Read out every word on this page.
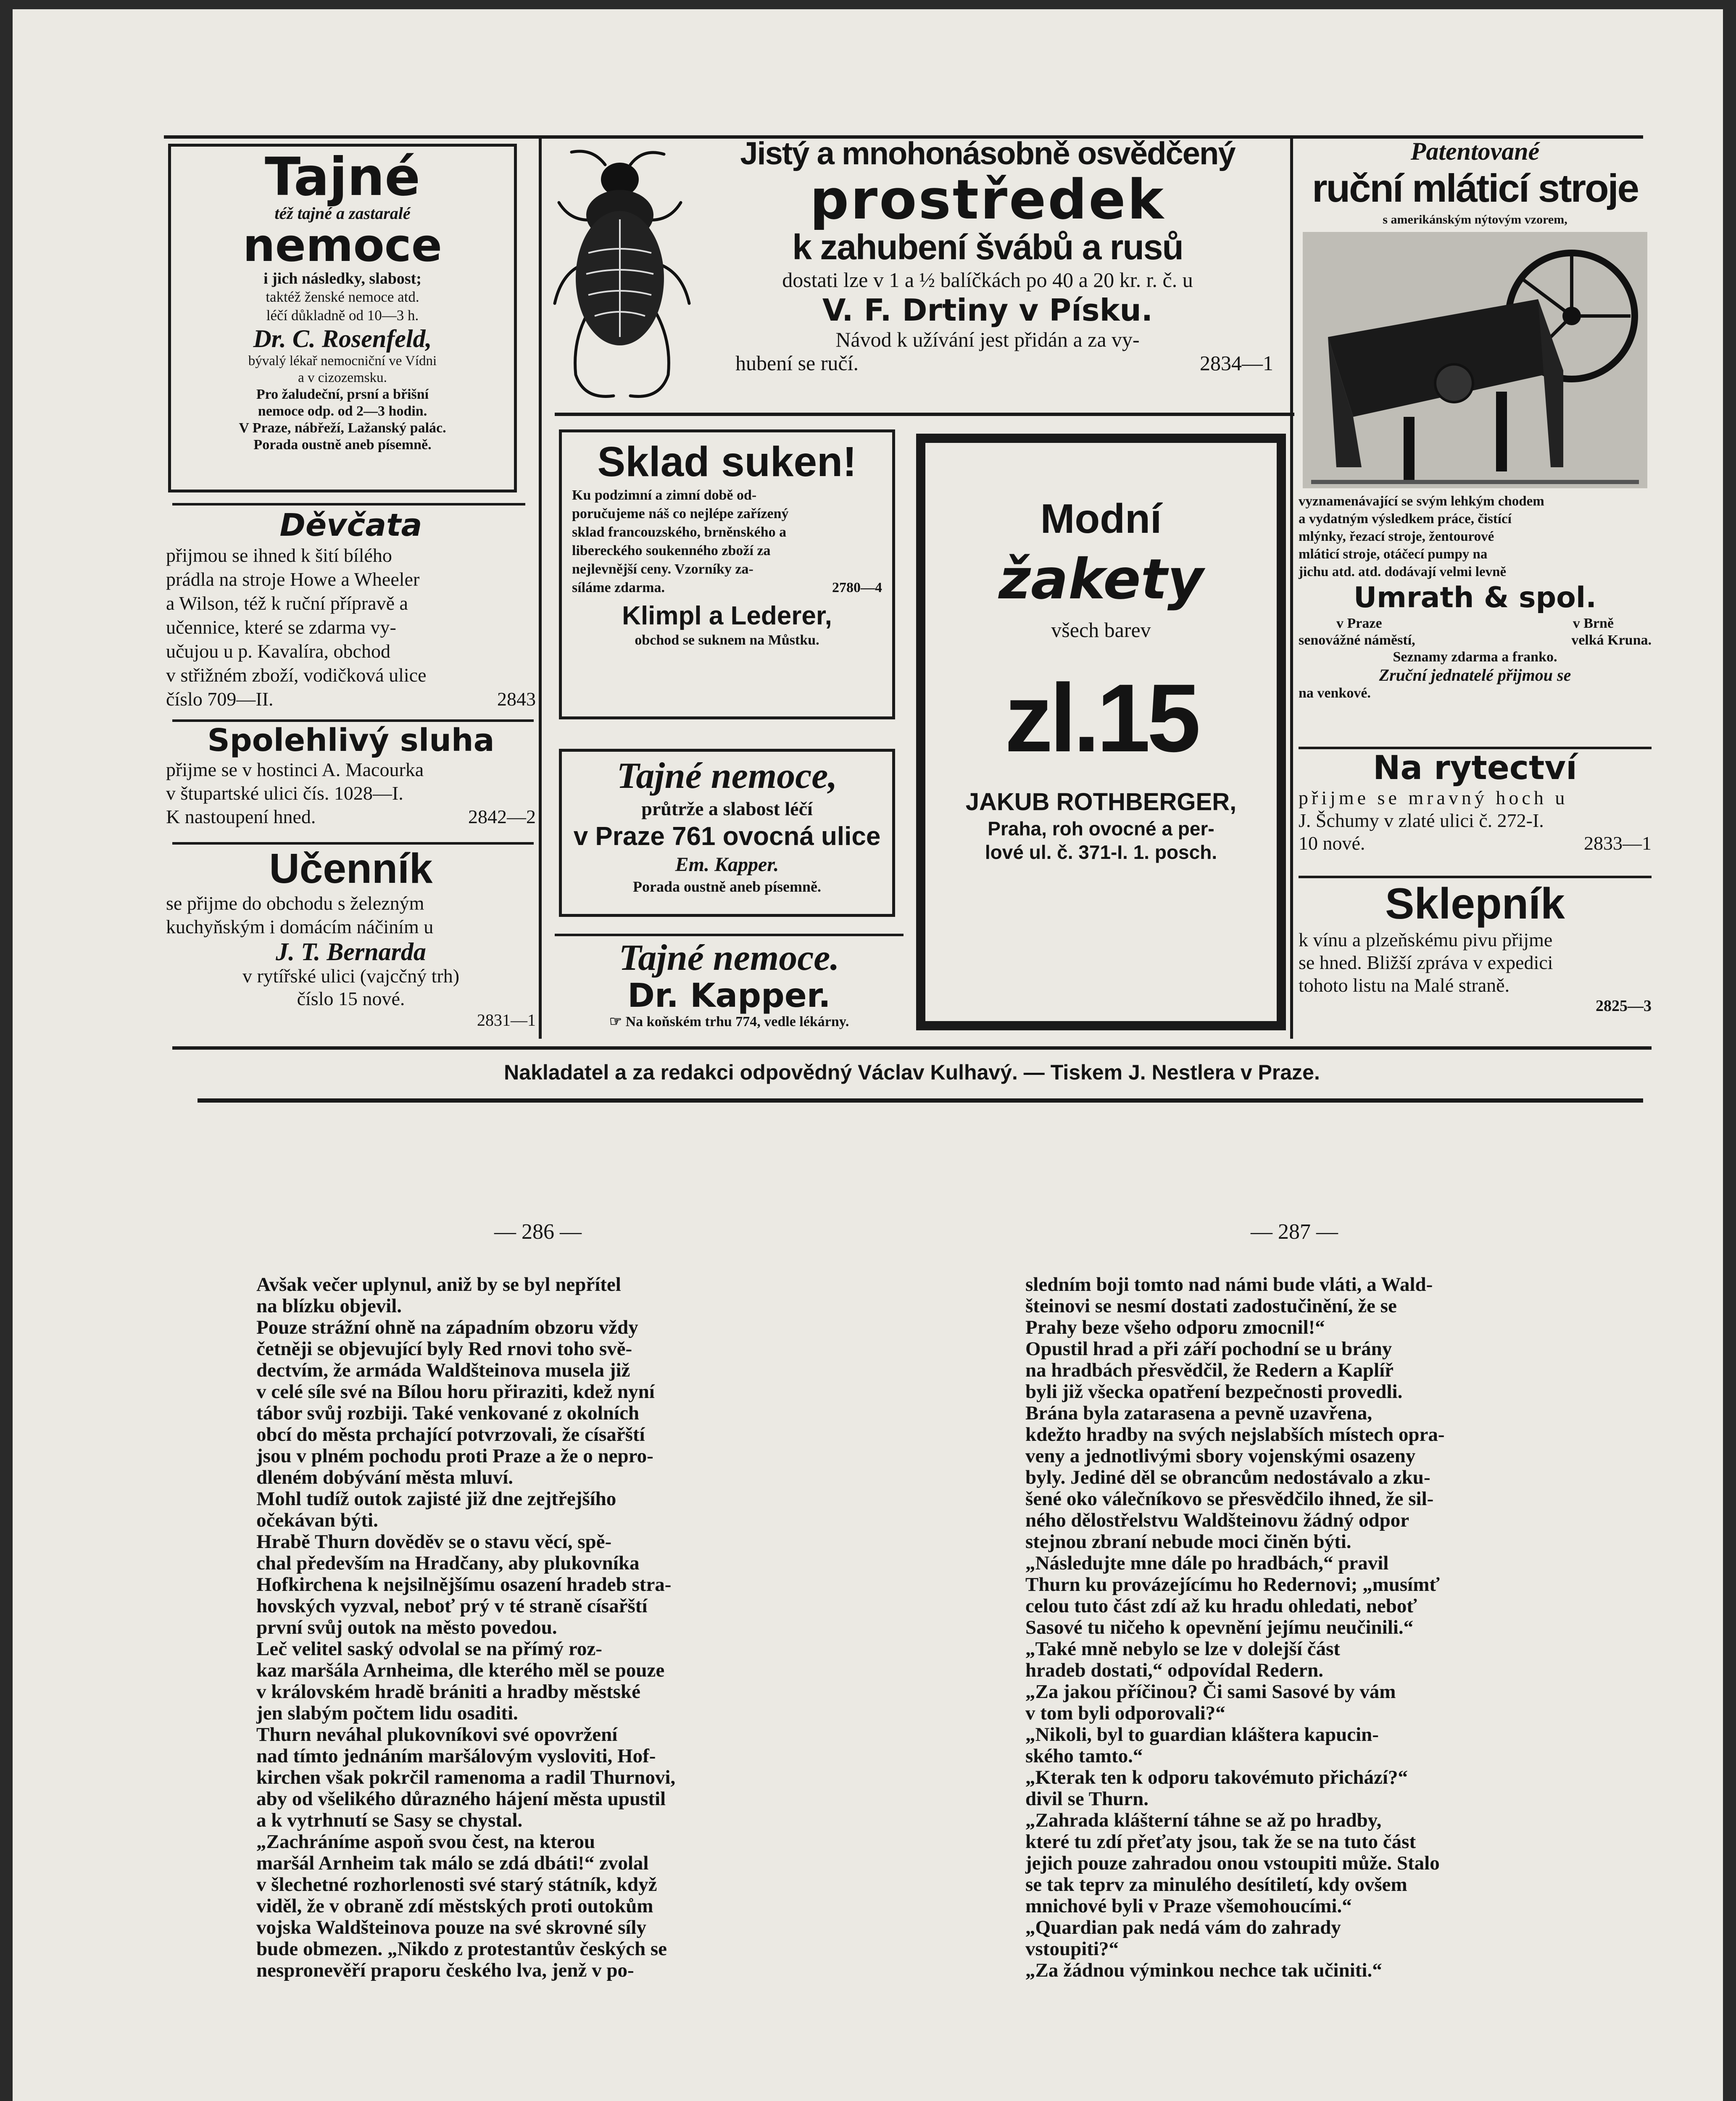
Tajné
též tajné a zastaralé
nemoce
i jich následky, slabost;
taktéž ženské nemoce atd.
léčí důkladně od 10—3 h.
Dr. C. Rosenfeld,
bývalý lékař nemocniční ve Vídni
a v cizozemsku.
Pro žaludeční, prsní a břišní
nemoce odp. od 2—3 hodin.
V Praze, nábřeží, Lažanský palác.
Porada oustně aneb písemně.
Děvčata
přijmou se ihned k šití bílého
prádla na stroje Howe a Wheeler
a Wilson, též k ruční přípravě a
učennice, které se zdarma vy-
učujou u p. Kavalíra, obchod
v střižném zboží, vodičková ulice
číslo 709—II.	2843
Spolehlivý sluha
přijme se v hostinci A. Macourka
v štupartské ulici čís. 1028—I.
K nastoupení hned.	2842—2
Učenník
se přijme do obchodu s železným
kuchyňským i domácím náčiním u
J. T. Bernarda
v rytířské ulici (vajcčný trh)
číslo 15 nové.
2831—1
Jistý a mnohonásobně osvědčený
prostředek
k zahubení švábů a rusů
dostati lze v 1 a ½ balíčkách po 40 a 20 kr. r. č. u
V. F. Drtiny v Písku.
Návod k užívání jest přidán a za vy-
hubení se ručí.	2834—1
Sklad suken!
Ku podzimní a zimní době od-
poručujeme náš co nejlépe zařízený
sklad francouzského, brněnského a
libereckého soukenného zboží za
nejlevnější ceny. Vzorníky za-
síláme zdarma.	2780—4
Klimpl a Lederer,
obchod se suknem na Můstku.
Tajné nemoce,
průtrže a slabost léčí
v Praze 761 ovocná ulice
Em. Kapper.
Porada oustně aneb písemně.
Tajné nemoce.
Dr. Kapper.
☞ Na koňském trhu 774, vedle lékárny.
Modní
žakety
všech barev
zl.15
JAKUB ROTHBERGER,
Praha, roh ovocné a per-
lové ul. č. 371-I. 1. posch.
Patentované
ruční mláticí stroje
s amerikánským nýtovým vzorem,
vyznamenávající se svým lehkým chodem
a vydatným výsledkem práce, čistící
mlýnky, řezací stroje, žentourové
mláticí stroje, otáčecí pumpy na
jichu atd. atd. dodávají velmi levně
Umrath & spol.
v Praze	v Brně
senovážné náměstí,	velká Kruna.
Seznamy zdarma a franko.
Zruční jednatelé přijmou se
na venkové.
Na rytectví
přijme se mravný hoch u
J. Šchumy v zlaté ulici č. 272-I.
10 nové.	2833—1
Sklepník
k vínu a plzeňskému pivu přijme
se hned. Bližší zpráva v expedici
tohoto listu na Malé straně.
2825—3
Nakladatel a za redakci odpovědný Václav Kulhavý. — Tiskem J. Nestlera v Praze.
— 286 —	— 287 —
Avšak večer uplynul, aniž by se byl nepřítel
na blízku objevil.
Pouze strážní ohně na západním obzoru vždy
četněji se objevující byly Red rnovi toho svě-
dectvím, že armáda Waldšteinova musela již
v celé síle své na Bílou horu přiraziti, kdež nyní
tábor svůj rozbiji. Také venkované z okolních
obcí do města prchající potvrzovali, že císařští
jsou v plném pochodu proti Praze a že o nepro-
dleném dobývání města mluví.
Mohl tudíž outok zajisté již dne zejtřejšího
očekávan býti.
Hrabě Thurn dověděv se o stavu věcí, spě-
chal především na Hradčany, aby plukovníka
Hofkirchena k nejsilnějšímu osazení hradeb stra-
hovských vyzval, neboť prý v té straně císařští
první svůj outok na město povedou.
Leč velitel saský odvolal se na přímý roz-
kaz maršála Arnheima, dle kterého měl se pouze
v královském hradě brániti a hradby městské
jen slabým počtem lidu osaditi.
Thurn neváhal plukovníkovi své opovržení
nad tímto jednáním maršálovým vysloviti, Hof-
kirchen však pokrčil ramenoma a radil Thurnovi,
aby od všelikého důrazného hájení města upustil
a k vytrhnutí se Sasy se chystal.
„Zachráníme aspoň svou čest, na kterou
maršál Arnheim tak málo se zdá dbáti!“ zvolal
v šlechetné rozhorlenosti své starý státník, když
viděl, že v obraně zdí městských proti outokům
vojska Waldšteinova pouze na své skrovné síly
bude obmezen. „Nikdo z protestantův českých se
nespronevěří praporu českého lva, jenž v po-
sledním boji tomto nad námi bude vláti, a Wald-
šteinovi se nesmí dostati zadostučinění, že se
Prahy beze všeho odporu zmocnil!“
Opustil hrad a při září pochodní se u brány
na hradbách přesvědčil, že Redern a Kaplíř
byli již všecka opatření bezpečnosti provedli.
Brána byla zatarasena a pevně uzavřena,
kdežto hradby na svých nejslabších místech opra-
veny a jednotlivými sbory vojenskými osazeny
byly. Jediné děl se obrancům nedostávalo a zku-
šené oko válečníkovo se přesvědčilo ihned, že sil-
ného dělostřelstvu Waldšteinovu žádný odpor
stejnou zbraní nebude moci činěn býti.
„Následujte mne dále po hradbách,“ pravil
Thurn ku provázejícímu ho Redernovi; „musímť
celou tuto část zdí až ku hradu ohledati, neboť
Sasové tu ničeho k opevnění jejímu neučinili.“
„Také mně nebylo se lze v dolejší část
hradeb dostati,“ odpovídal Redern.
„Za jakou příčinou? Či sami Sasové by vám
v tom byli odporovali?“
„Nikoli, byl to guardian kláštera kapucin-
ského tamto.“
„Kterak ten k odporu takovémuto přichází?“
divil se Thurn.
„Zahrada klášterní táhne se až po hradby,
které tu zdí přeťaty jsou, tak že se na tuto část
jejich pouze zahradou onou vstoupiti může. Stalo
se tak teprv za minulého desítiletí, kdy ovšem
mnichové byli v Praze všemohoucími.“
„Quardian pak nedá vám do zahrady
vstoupiti?“
„Za žádnou výminkou nechce tak učiniti.“
